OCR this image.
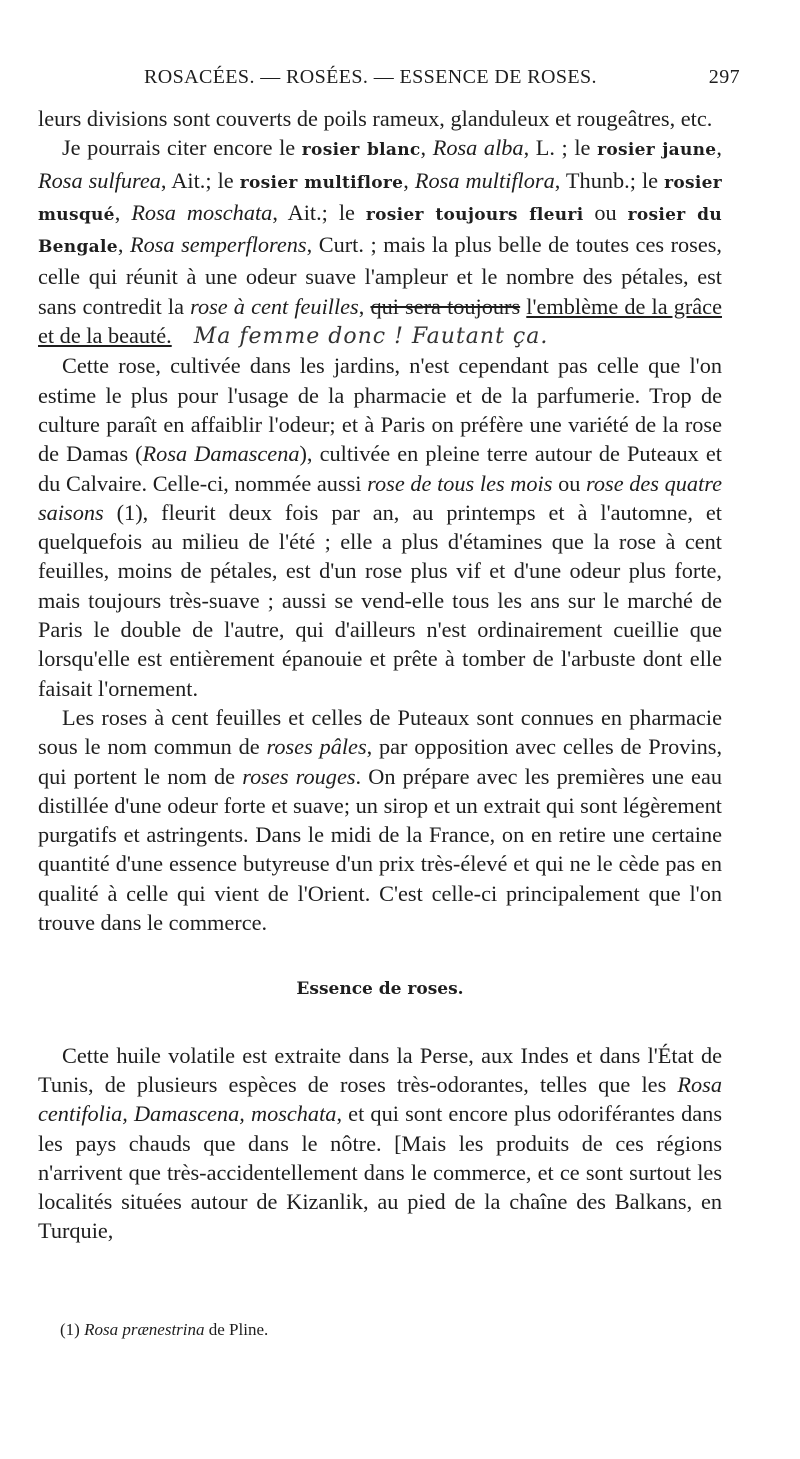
ROSACÉES. — ROSÉES. — ESSENCE DE ROSES.	297

leurs divisions sont couverts de poils rameux, glanduleux et rougeâtres, etc.

Je pourrais citer encore le rosier blanc, Rosa alba, L. ; le rosier jaune, Rosa sulfurea, Ait.; le rosier multiflore, Rosa multiflora, Thunb.; le rosier musqué, Rosa moschata, Ait.; le rosier toujours fleuri ou rosier du Bengale, Rosa semperflorens, Curt. ; mais la plus belle de toutes ces roses, celle qui réunit à une odeur suave l'ampleur et le nombre des pétales, est sans contredit la rose à cent feuilles, qui sera toujours l'emblème de la grâce et de la beauté. Ma femme donc ! Fautant ça.

Cette rose, cultivée dans les jardins, n'est cependant pas celle que l'on estime le plus pour l'usage de la pharmacie et de la parfumerie. Trop de culture paraît en affaiblir l'odeur; et à Paris on préfère une variété de la rose de Damas (Rosa Damascena), cultivée en pleine terre autour de Puteaux et du Calvaire. Celle-ci, nommée aussi rose de tous les mois ou rose des quatre saisons (1), fleurit deux fois par an, au printemps et à l'automne, et quelquefois au milieu de l'été ; elle a plus d'étamines que la rose à cent feuilles, moins de pétales, est d'un rose plus vif et d'une odeur plus forte, mais toujours très-suave ; aussi se vend-elle tous les ans sur le marché de Paris le double de l'autre, qui d'ailleurs n'est ordinairement cueillie que lorsqu'elle est entièrement épanouie et prête à tomber de l'arbuste dont elle faisait l'ornement.

Les roses à cent feuilles et celles de Puteaux sont connues en pharmacie sous le nom commun de roses pâles, par opposition avec celles de Provins, qui portent le nom de roses rouges. On prépare avec les premières une eau distillée d'une odeur forte et suave; un sirop et un extrait qui sont légèrement purgatifs et astringents. Dans le midi de la France, on en retire une certaine quantité d'une essence butyreuse d'un prix très-élevé et qui ne le cède pas en qualité à celle qui vient de l'Orient. C'est celle-ci principalement que l'on trouve dans le commerce.

Essence de roses.

Cette huile volatile est extraite dans la Perse, aux Indes et dans l'État de Tunis, de plusieurs espèces de roses très-odorantes, telles que les Rosa centifolia, Damascena, moschata, et qui sont encore plus odoriférantes dans les pays chauds que dans le nôtre. [Mais les produits de ces régions n'arrivent que très-accidentellement dans le commerce, et ce sont surtout les localités situées autour de Kizanlik, au pied de la chaîne des Balkans, en Turquie,

(1) Rosa prænestrina de Pline.
